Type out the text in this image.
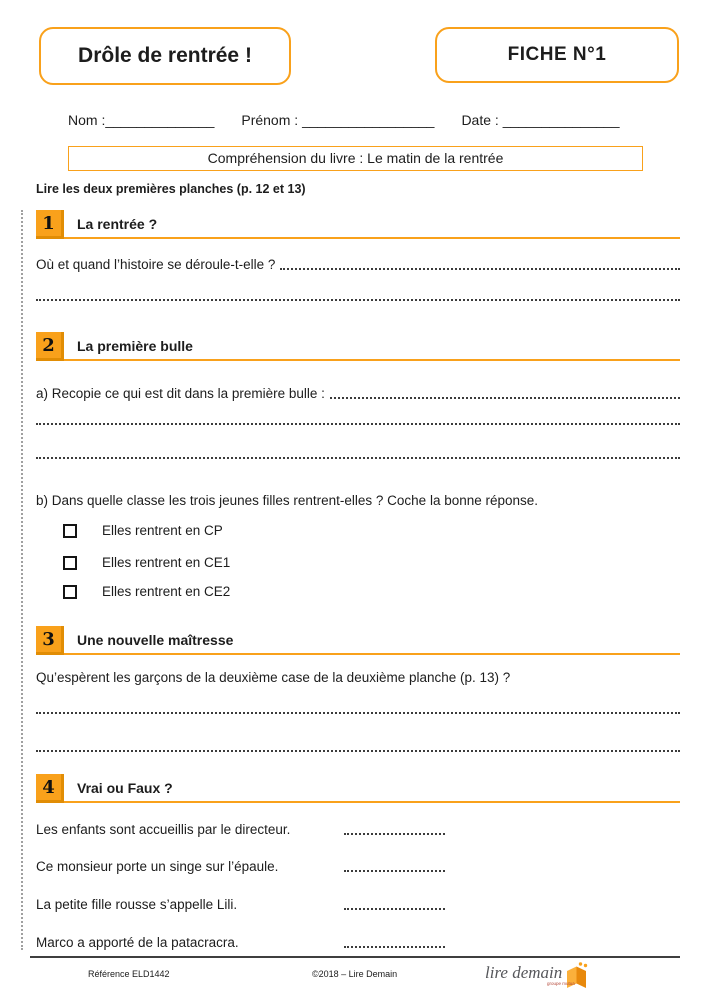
Drôle de rentrée !	FICHE N°1
Nom :______________ Prénom : _________________ Date : _______________
Compréhension du livre : Le matin de la rentrée
Lire les deux premières planches (p. 12 et 13)
1	La rentrée ?
Où et quand l’histoire se déroule-t-elle ?
2	La première bulle
a) Recopie ce qui est dit dans la première bulle :
b) Dans quelle classe les trois jeunes filles rentrent-elles ? Coche la bonne réponse.
Elles rentrent en CP
Elles rentrent en CE1
Elles rentrent en CE2
3	Une nouvelle maîtresse
Qu’espèrent les garçons de la deuxième case de la deuxième planche (p. 13) ?
4	Vrai ou Faux ?
Les enfants sont accueillis par le directeur.
Ce monsieur porte un singe sur l’épaule.
La petite fille rousse s’appelle Lili.
Marco a apporté de la patacracra.
Référence ELD1442	©2018 – Lire Demain	lire demain
groupe mutua
